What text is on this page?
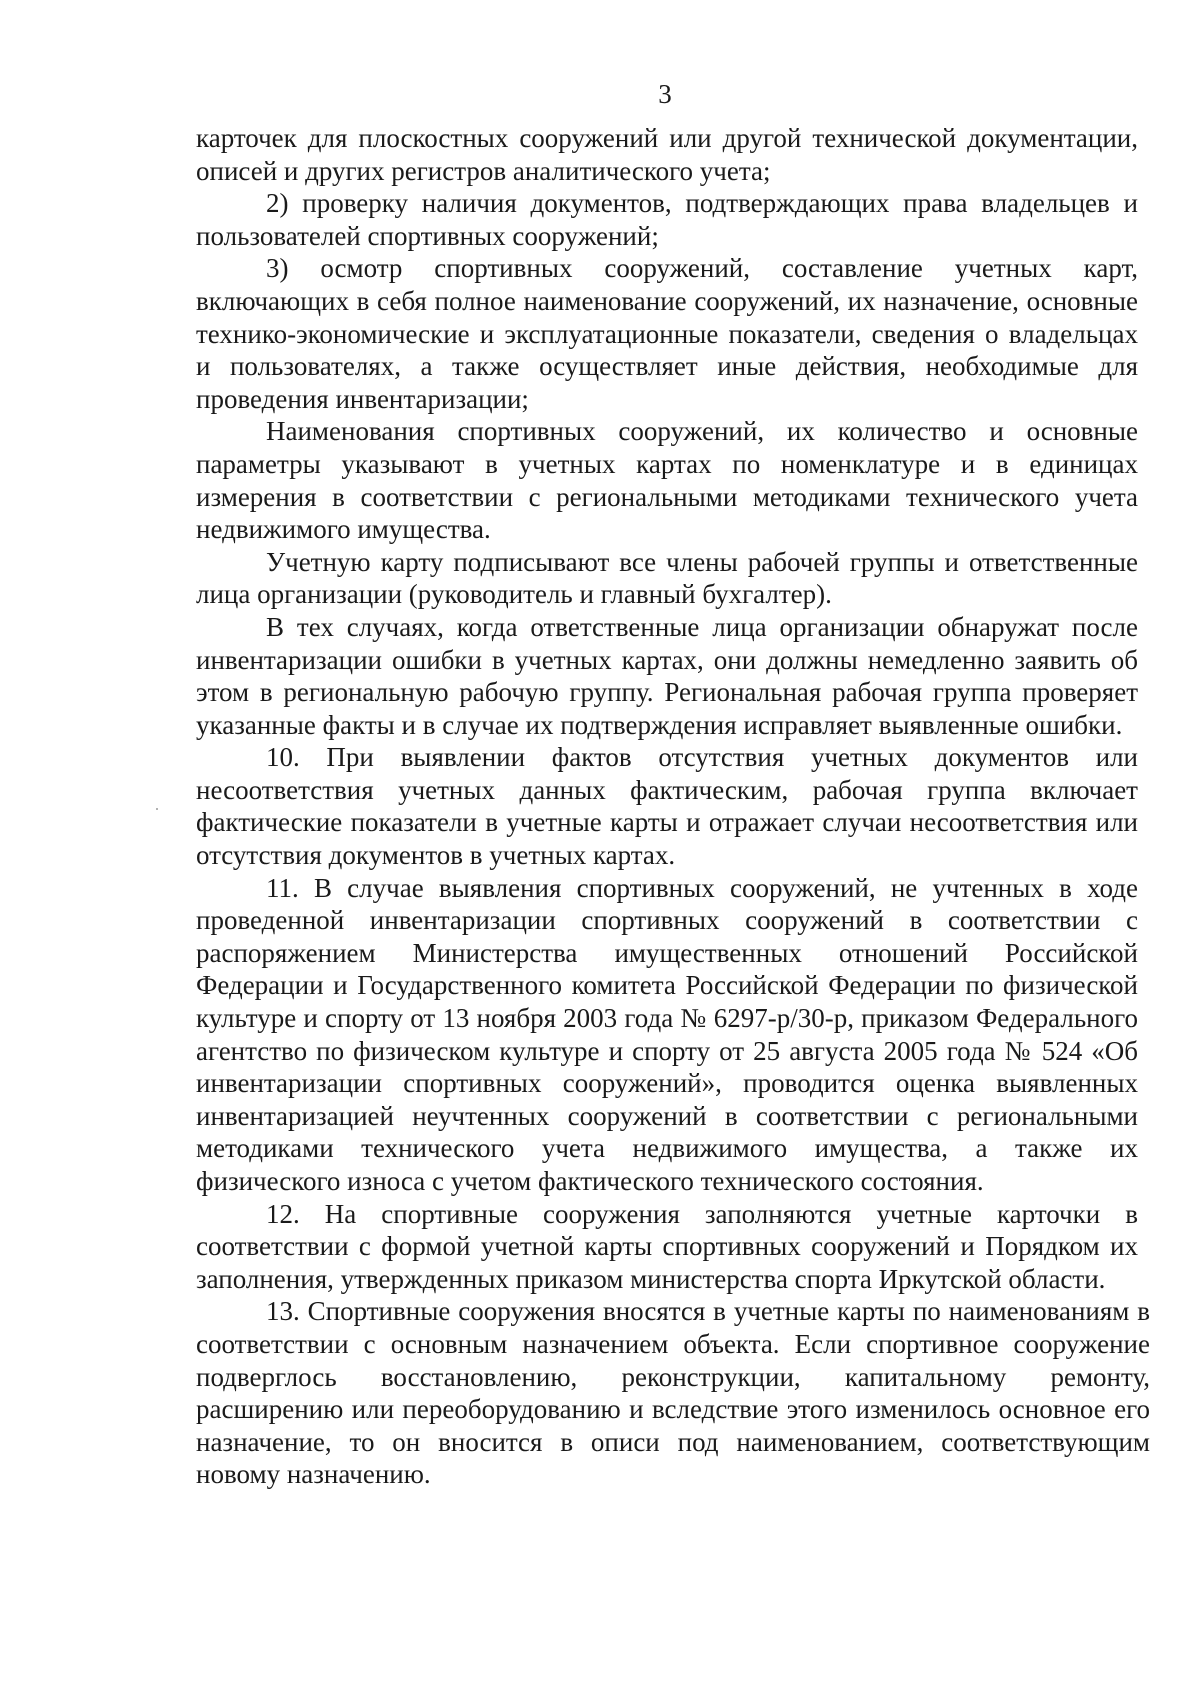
3

карточек для плоскостных сооружений или другой технической документации, описей и других регистров аналитического учета;

2) проверку наличия документов, подтверждающих права владельцев и пользователей спортивных сооружений;

3) осмотр спортивных сооружений, составление учетных карт, включающих в себя полное наименование сооружений, их назначение, основные технико-экономические и эксплуатационные показатели, сведения о владельцах и пользователях, а также осуществляет иные действия, необходимые для проведения инвентаризации;

Наименования спортивных сооружений, их количество и основные параметры указывают в учетных картах по номенклатуре и в единицах измерения в соответствии с региональными методиками технического учета недвижимого имущества.

Учетную карту подписывают все члены рабочей группы и ответственные лица организации (руководитель и главный бухгалтер).

В тех случаях, когда ответственные лица организации обнаружат после инвентаризации ошибки в учетных картах, они должны немедленно заявить об этом в региональную рабочую группу. Региональная рабочая группа проверяет указанные факты и в случае их подтверждения исправляет выявленные ошибки.

10. При выявлении фактов отсутствия учетных документов или несоответствия учетных данных фактическим, рабочая группа включает фактические показатели в учетные карты и отражает случаи несоответствия или отсутствия документов в учетных картах.

11. В случае выявления спортивных сооружений, не учтенных в ходе проведенной инвентаризации спортивных сооружений в соответствии с распоряжением Министерства имущественных отношений Российской Федерации и Государственного комитета Российской Федерации по физической культуре и спорту от 13 ноября 2003 года № 6297-р/30-р, приказом Федерального агентство по физическом культуре и спорту от 25 августа 2005 года № 524 «Об инвентаризации спортивных сооружений», проводится оценка выявленных инвентаризацией неучтенных сооружений в соответствии с региональными методиками технического учета недвижимого имущества, а также их физического износа с учетом фактического технического состояния.

12. На спортивные сооружения заполняются учетные карточки в соответствии с формой учетной карты спортивных сооружений и Порядком их заполнения, утвержденных приказом министерства спорта Иркутской области.

13. Спортивные сооружения вносятся в учетные карты по наименованиям в соответствии с основным назначением объекта. Если спортивное сооружение подверглось восстановлению, реконструкции, капитальному ремонту, расширению или переоборудованию и вследствие этого изменилось основное его назначение, то он вносится в описи под наименованием, соответствующим новому назначению.
